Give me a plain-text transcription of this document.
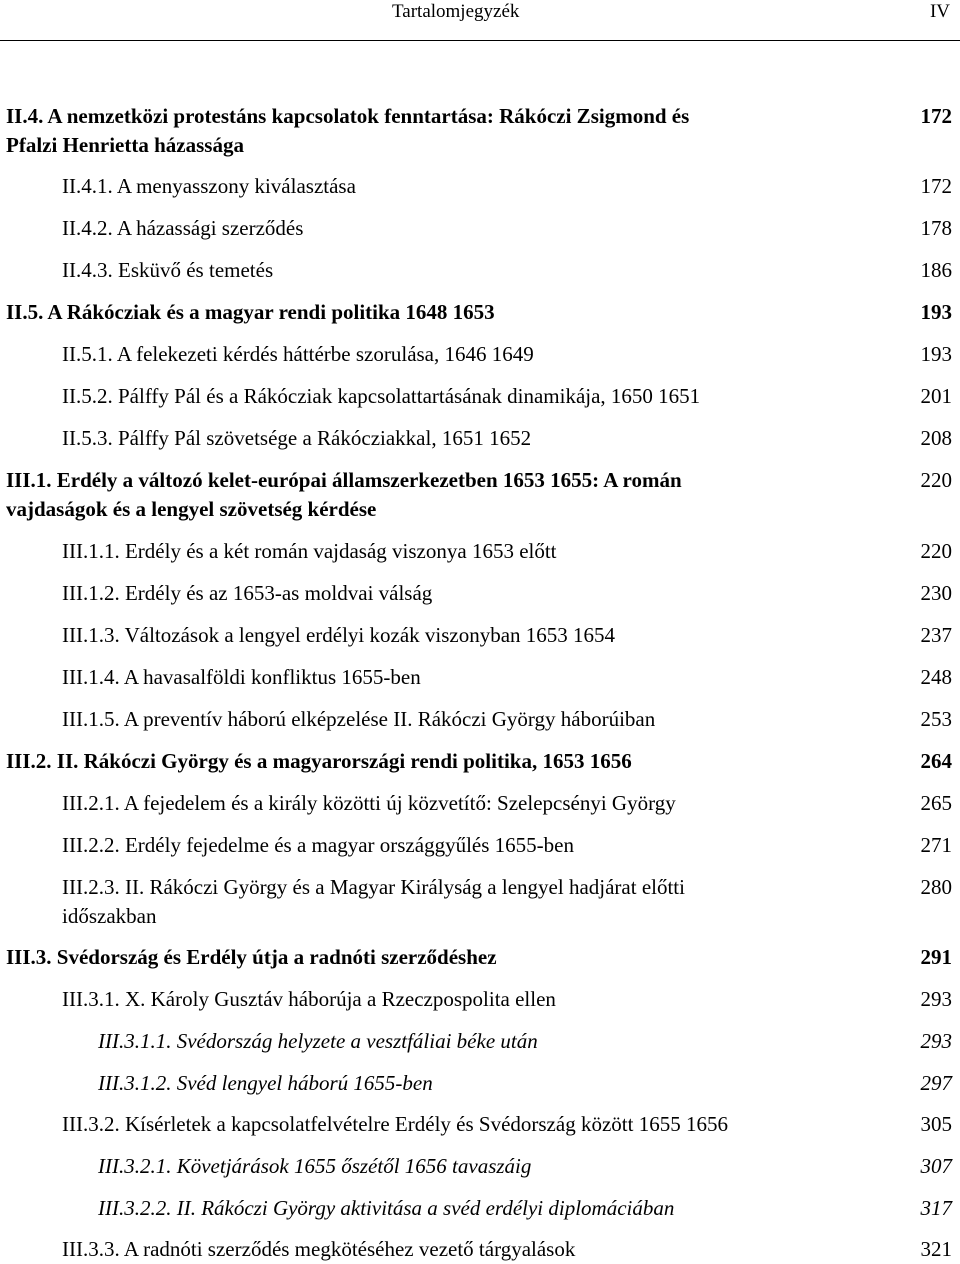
Tartalomjegyzék	IV
II.4. A nemzetközi protestáns kapcsolatok fenntartása: Rákóczi Zsigmond és	172
Pfalzi Henrietta házassága
II.4.1. A menyasszony kiválasztása	172
II.4.2. A házassági szerződés	178
II.4.3. Esküvő és temetés	186
II.5. A Rákócziak és a magyar rendi politika 1648 1653	193
II.5.1. A felekezeti kérdés háttérbe szorulása, 1646 1649	193
II.5.2. Pálffy Pál és a Rákócziak kapcsolattartásának dinamikája, 1650 1651	201
II.5.3. Pálffy Pál szövetsége a Rákócziakkal, 1651 1652	208
III.1. Erdély a változó kelet-európai államszerkezetben 1653 1655: A román	220
vajdaságok és a lengyel szövetség kérdése
III.1.1. Erdély és a két román vajdaság viszonya 1653 előtt	220
III.1.2. Erdély és az 1653-as moldvai válság	230
III.1.3. Változások a lengyel erdélyi kozák viszonyban 1653 1654	237
III.1.4. A havasalföldi konfliktus 1655-ben	248
III.1.5. A preventív háború elképzelése II. Rákóczi György háborúiban	253
III.2. II. Rákóczi György és a magyarországi rendi politika, 1653 1656	264
III.2.1. A fejedelem és a király közötti új közvetítő: Szelepcsényi György	265
III.2.2. Erdély fejedelme és a magyar országgyűlés 1655-ben	271
III.2.3. II. Rákóczi György és a Magyar Királyság a lengyel hadjárat előtti	280
időszakban
III.3. Svédország és Erdély útja a radnóti szerződéshez	291
III.3.1. X. Károly Gusztáv háborúja a Rzeczpospolita ellen	293
III.3.1.1. Svédország helyzete a vesztfáliai béke után	293
III.3.1.2. Svéd lengyel háború 1655-ben	297
III.3.2. Kísérletek a kapcsolatfelvételre Erdély és Svédország között 1655 1656	305
III.3.2.1. Követjárások 1655 őszétől 1656 tavaszáig	307
III.3.2.2. II. Rákóczi György aktivitása a svéd erdélyi diplomáciában	317
III.3.3. A radnóti szerződés megkötéséhez vezető tárgyalások	321
